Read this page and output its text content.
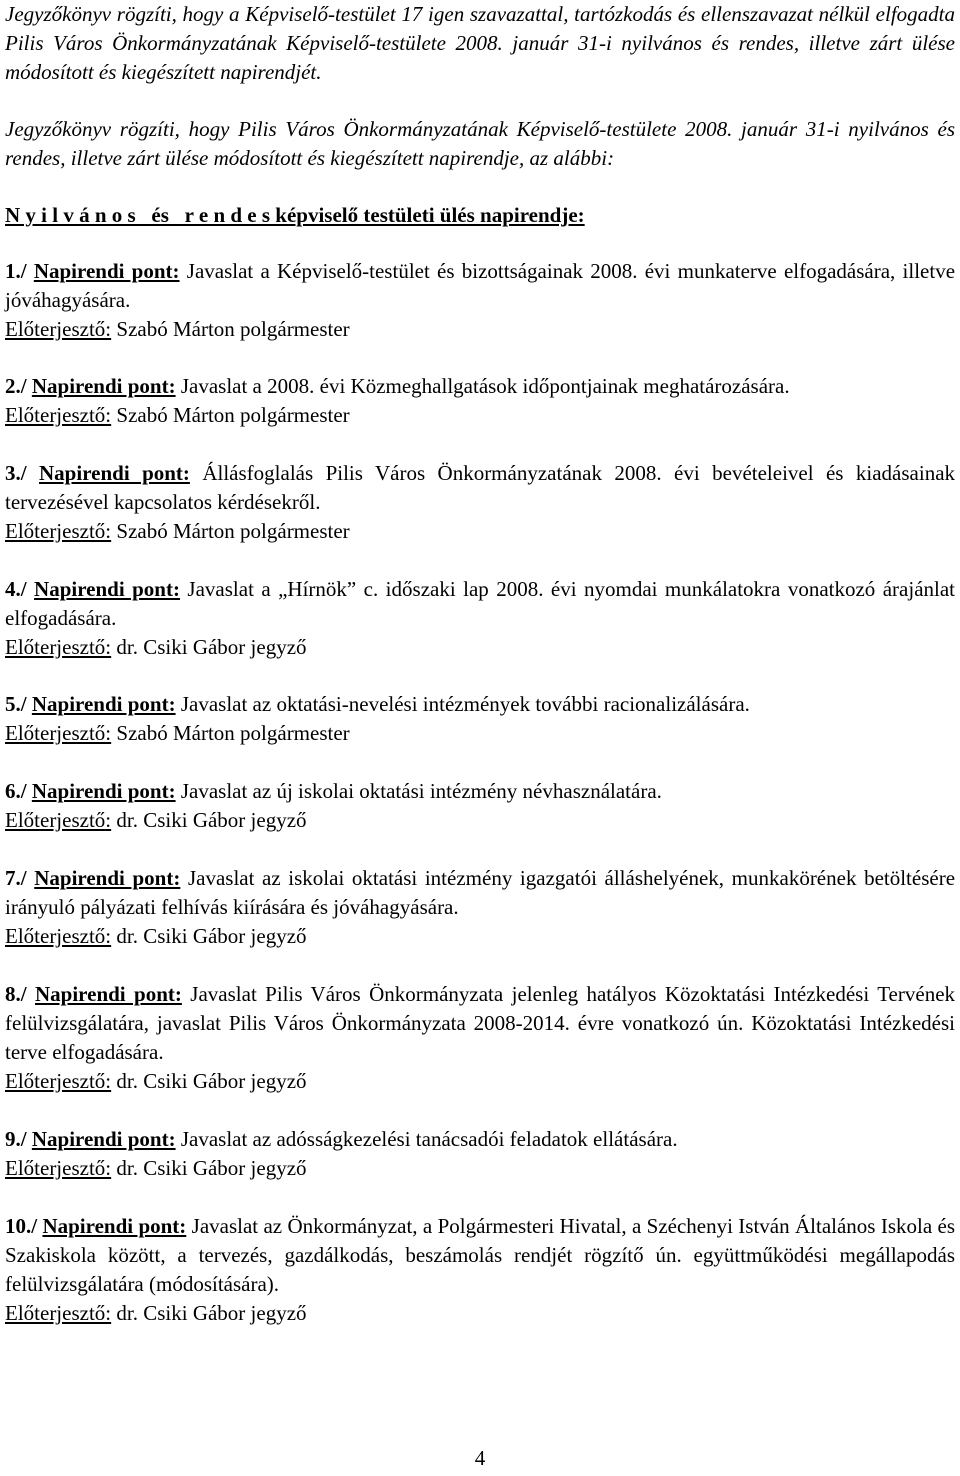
Jegyzőkönyv rögzíti, hogy a Képviselő-testület 17 igen szavazattal, tartózkodás és ellenszavazat nélkül elfogadta Pilis Város Önkormányzatának Képviselő-testülete 2008. január 31-i nyilvános és rendes, illetve zárt ülése módosított és kiegészített napirendjét.

Jegyzőkönyv rögzíti, hogy Pilis Város Önkormányzatának Képviselő-testülete 2008. január 31-i nyilvános és rendes, illetve zárt ülése módosított és kiegészített napirendje, az alábbi:

N y i l v á n o s   és   r e n d e s képviselő testületi ülés napirendje:
1./ Napirendi pont: Javaslat a Képviselő-testület és bizottságainak 2008. évi munkaterve elfogadására, illetve jóváhagyására.
Előterjesztő: Szabó Márton polgármester
2./ Napirendi pont: Javaslat a 2008. évi Közmeghallgatások időpontjainak meghatározására.
Előterjesztő: Szabó Márton polgármester
3./ Napirendi pont: Állásfoglalás Pilis Város Önkormányzatának 2008. évi bevételeivel és kiadásainak tervezésével kapcsolatos kérdésekről.
Előterjesztő: Szabó Márton polgármester
4./ Napirendi pont: Javaslat a „Hírnök” c. időszaki lap 2008. évi nyomdai munkálatokra vonatkozó árajánlat elfogadására.
Előterjesztő: dr. Csiki Gábor jegyző
5./ Napirendi pont: Javaslat az oktatási-nevelési intézmények további racionalizálására.
Előterjesztő: Szabó Márton polgármester
6./ Napirendi pont: Javaslat az új iskolai oktatási intézmény névhasználatára.
Előterjesztő: dr. Csiki Gábor jegyző
7./ Napirendi pont: Javaslat az iskolai oktatási intézmény igazgatói álláshelyének, munkakörének betöltésére irányuló pályázati felhívás kiírására és jóváhagyására.
Előterjesztő: dr. Csiki Gábor jegyző
8./ Napirendi pont: Javaslat Pilis Város Önkormányzata jelenleg hatályos Közoktatási Intézkedési Tervének felülvizsgálatára, javaslat Pilis Város Önkormányzata 2008-2014. évre vonatkozó ún. Közoktatási Intézkedési terve elfogadására.
Előterjesztő: dr. Csiki Gábor jegyző
9./ Napirendi pont: Javaslat az adósságkezelési tanácsadói feladatok ellátására.
Előterjesztő: dr. Csiki Gábor jegyző
10./ Napirendi pont: Javaslat az Önkormányzat, a Polgármesteri Hivatal, a Széchenyi István Általános Iskola és Szakiskola között, a tervezés, gazdálkodás, beszámolás rendjét rögzítő ún. együttműködési megállapodás felülvizsgálatára (módosítására).
Előterjesztő: dr. Csiki Gábor jegyző
4
